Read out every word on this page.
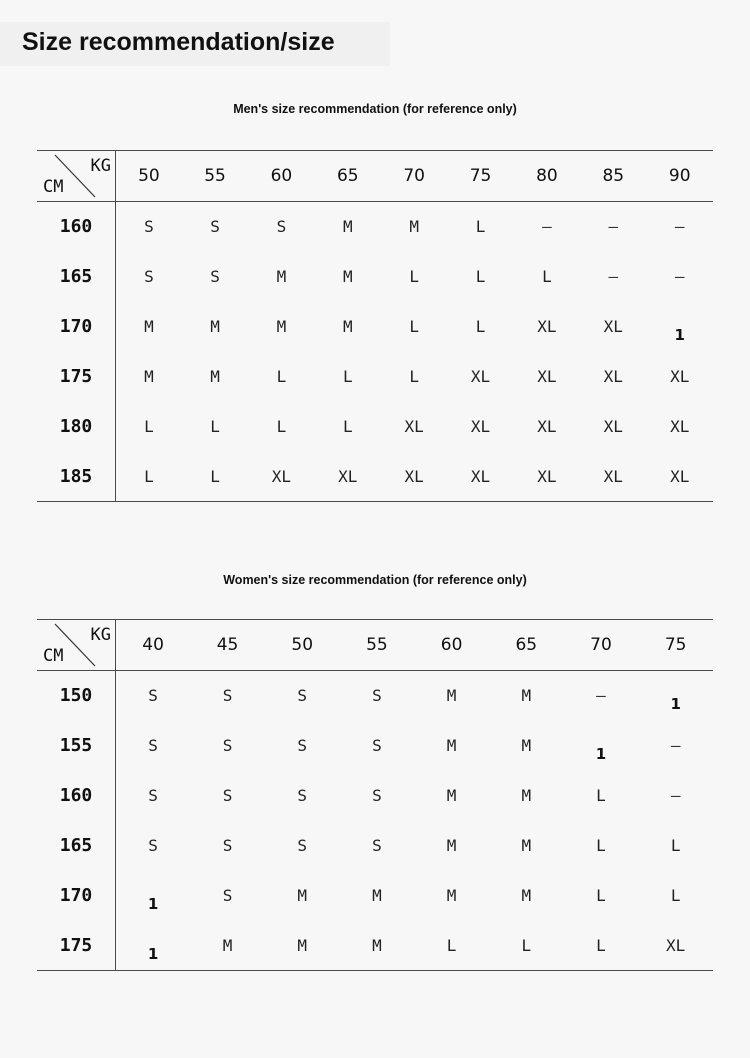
Size recommendation/size
Men's size recommendation (for reference only)
KG
CM	50	55	60	65	70	75	80	85	90
160	S	S	S	M	M	L	—	—	—
165	S	S	M	M	L	L	L	—	—
170	M	M	M	M	L	L	XL	XL	1
175	M	M	L	L	L	XL	XL	XL	XL
180	L	L	L	L	XL	XL	XL	XL	XL
185	L	L	XL	XL	XL	XL	XL	XL	XL
Women's size recommendation (for reference only)
KG
CM	40	45	50	55	60	65	70	75
150	S	S	S	S	M	M	—	1
155	S	S	S	S	M	M	1	—
160	S	S	S	S	M	M	L	—
165	S	S	S	S	M	M	L	L
170	1	S	M	M	M	M	L	L
175	1	M	M	M	L	L	L	XL
